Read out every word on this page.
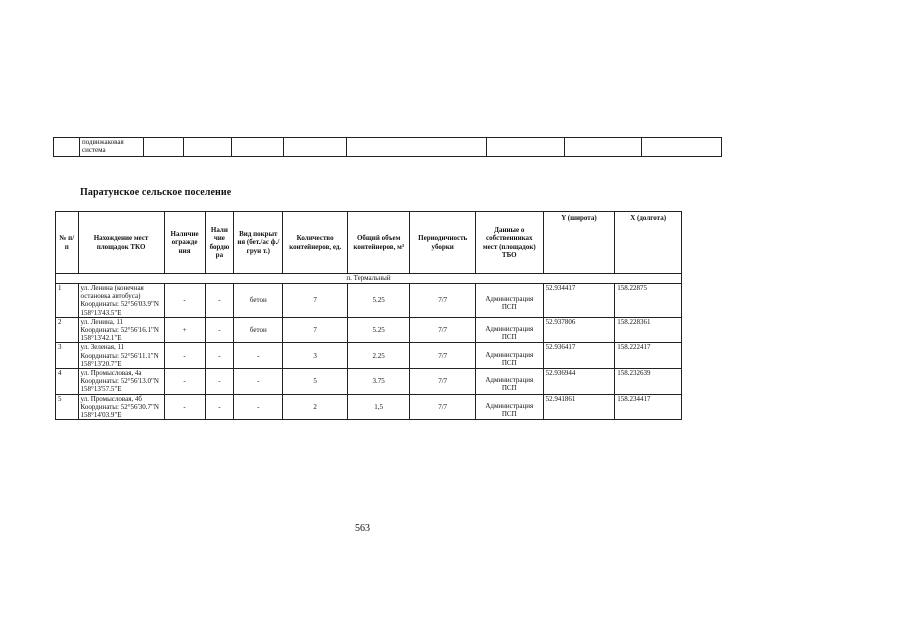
	подвижаковая система								
Паратунское сельское поселение
№ п/п	Нахождение мест площадок ТКО	Наличие огражде ния	Нали чие бордю ра	Вид покрыт ия (бет./ас ф./грун т.)	Количество контейнеров, ед.	Общий объем контейнеров, м³	Периодичность уборки	Данные о собственниках мест (площадок) ТБО	Y (широта)	X (долгота)
п. Термальный										
1	ул. Ленина (конечная остановка автобуса) Координаты: 52°56'03.9"N 158°13'43.5"E	-	-	бетон	7	5.25	7/7	Администрация ПСП	52.934417	158.22875
2	ул. Ленина, 11 Координаты: 52°56'16.1"N 158°13'42.1"E	+	-	бетон	7	5.25	7/7	Администрация ПСП	52.937806	158.228361
3	ул. Зеленая, 11 Координаты: 52°56'11.1"N 158°13'20.7"E	-	-	-	3	2.25	7/7	Администрация ПСП	52.936417	158.222417
4	ул. Промысловая, 4а Координаты: 52°56'13.0"N 158°13'57.5"E	-	-	-	5	3.75	7/7	Администрация ПСП	52.936944	158.232639
5	ул. Промысловая, 4б Координаты: 52°56'30.7"N 158°14'03.9"E	-	-	-	2	1,5	7/7	Администрация ПСП	52.941861	158.234417
563
